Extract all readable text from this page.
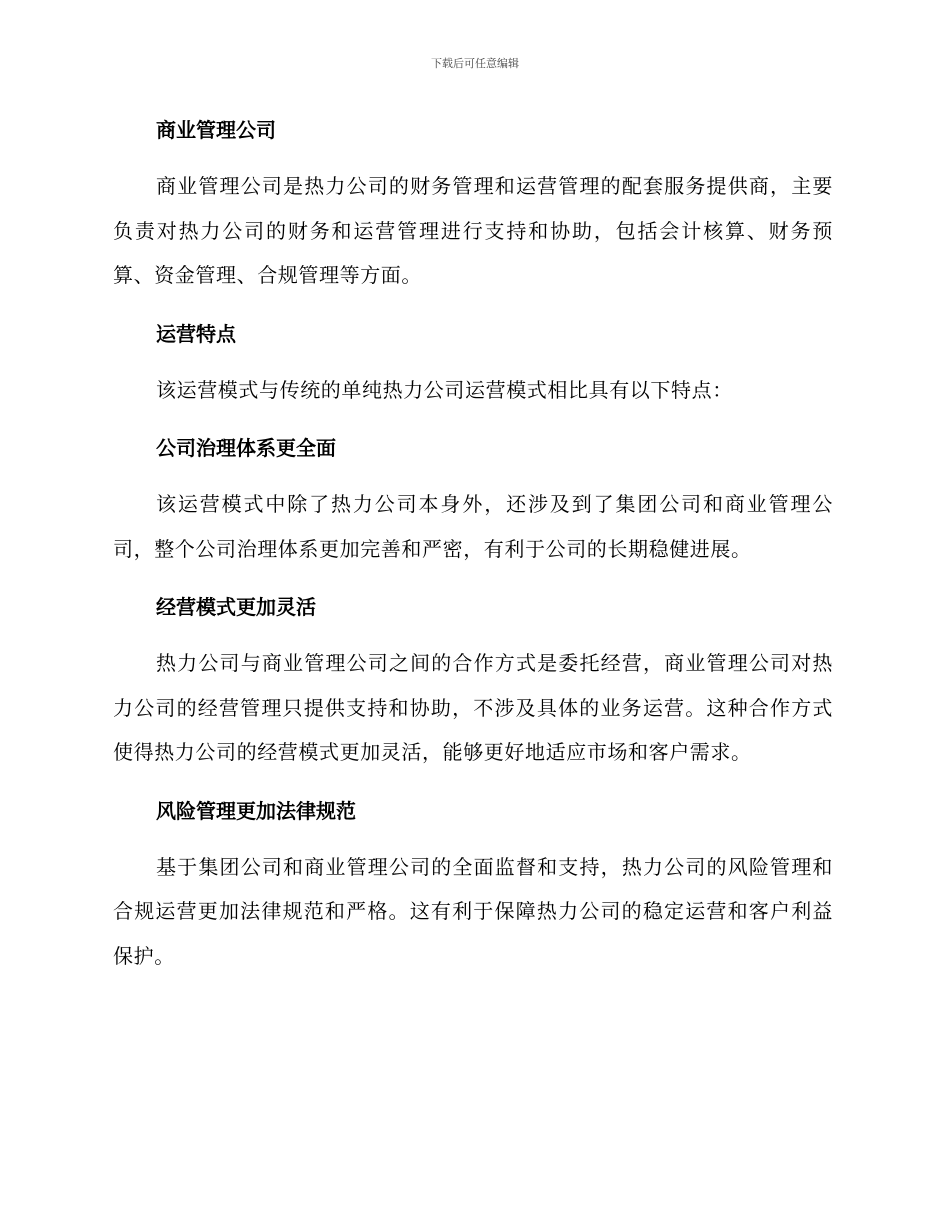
下载后可任意编辑
商业管理公司

商业管理公司是热力公司的财务管理和运营管理的配套服务提供商，主要负责对热力公司的财务和运营管理进行支持和协助，包括会计核算、财务预算、资金管理、合规管理等方面。

运营特点

该运营模式与传统的单纯热力公司运营模式相比具有以下特点：

公司治理体系更全面

该运营模式中除了热力公司本身外，还涉及到了集团公司和商业管理公司，整个公司治理体系更加完善和严密，有利于公司的长期稳健进展。

经营模式更加灵活

热力公司与商业管理公司之间的合作方式是委托经营，商业管理公司对热力公司的经营管理只提供支持和协助，不涉及具体的业务运营。这种合作方式使得热力公司的经营模式更加灵活，能够更好地适应市场和客户需求。

风险管理更加法律规范

基于集团公司和商业管理公司的全面监督和支持，热力公司的风险管理和合规运营更加法律规范和严格。这有利于保障热力公司的稳定运营和客户利益保护。
